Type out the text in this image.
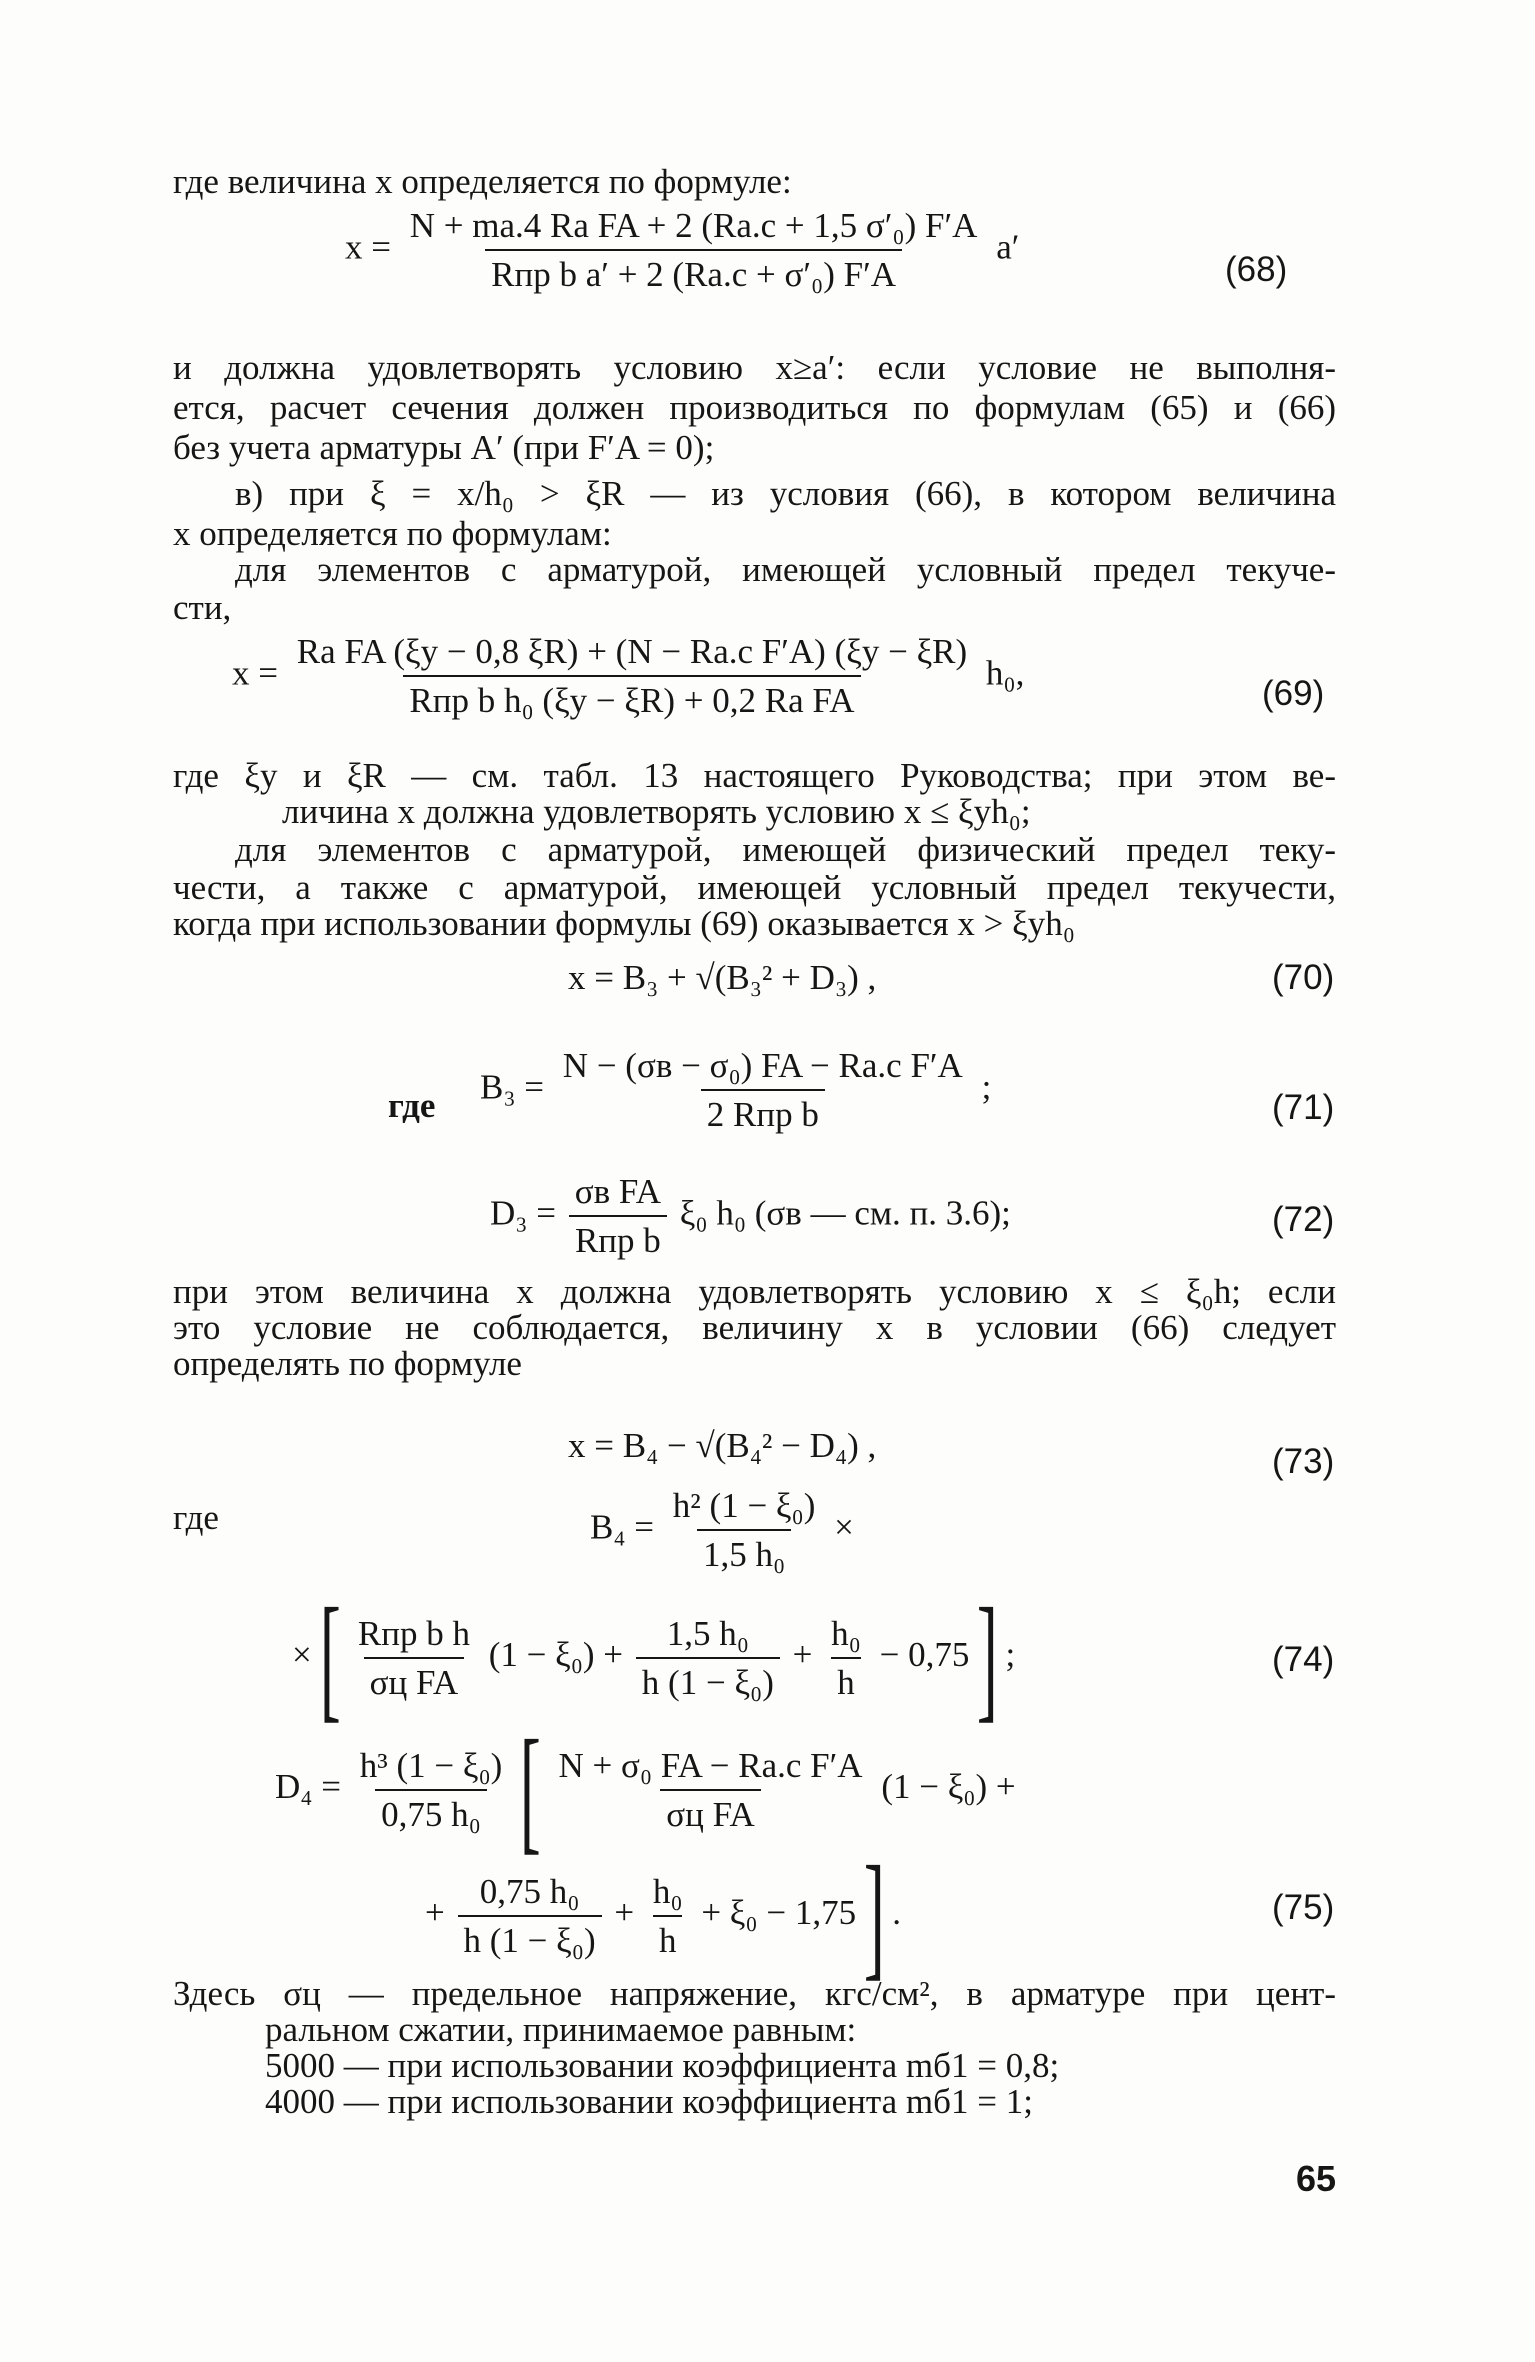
где величина x определяется по формуле:
$x = \frac{\text{N + mа.4 Rа FA + 2 (Rа.с + 1,5 σ′₀) F′A}}{\text{Rпр b a′ + 2 (Rа.с + σ′₀) F′A}} a'$
(68)
и должна удовлетворять условию x≥a′: если условие не выполня-
ется, расчет сечения должен производиться по формулам (65) и (66)
без учета арматуры A′ (при F′A = 0);
в) при ξ = x/h₀ > ξR — из условия (66), в котором величина
x определяется по формулам:
для элементов с арматурой, имеющей условный предел текуче-
сти,
$x = \frac{\text{Rа FA (ξу − 0,8 ξR) + (N − Rа.с F′A) (ξу − ξR)}}{\text{Rпр b h₀ (ξу − ξR) + 0,2 Rа FA}} h_0$,
(69)
где ξу и ξR — см. табл. 13 настоящего Руководства; при этом ве-
личина x должна удовлетворять условию x ≤ ξуh₀;
для элементов с арматурой, имеющей физический предел теку-
чести, а также с арматурой, имеющей условный предел текучести,
когда при использовании формулы (69) оказывается x > ξуh₀
x = B₃ + √(B₃² + D₃) ,	(70)
где $B_3 = \frac{\text{N − (σв − σ₀) FA − Rа.с F′A}}{\text{2 Rпр b}}$ ;
(71)
$D_3 = \frac{\text{σв FA}}{\text{Rпр b}} \xi_0$ h₀ (σв — см. п. 3.6);	(72)
при этом величина x должна удовлетворять условию x ≤ ξ₀h; если
это условие не соблюдается, величину x в условии (66) следует
определять по формуле
x = B₄ − √(B₄² − D₄) ,	(73)
где	$B_4 = \frac{\text{h² (1 − ξ₀)}}{\text{1,5 h₀}}$ ×
× [ $\frac{\text{Rпр b h}}{\text{σц FA}} (1 - \xi_0) + \frac{\text{1,5 h₀}}{\text{h (1 − ξ₀)}} + \frac{\text{h₀}}{h} - 0,75$ ] ;	(74)
$D_4 = \frac{\text{h³ (1 − ξ₀)}}{\text{0,75 h₀}}$ [ $\frac{\text{N + σ₀ FA − Rа.с F′A}}{\text{σц FA}} (1 - \xi_0)$ +
+ $\frac{\text{0,75 h₀}}{\text{h (1 − ξ₀)}} + \frac{\text{h₀}}{h} + \xi_0 - 1,75$ ] .	(75)
Здесь σц — предельное напряжение, кгс/см², в арматуре при цент-
ральном сжатии, принимаемое равным:
5000 — при использовании коэффициента mб1 = 0,8;
4000 — при использовании коэффициента mб1 = 1;
65
